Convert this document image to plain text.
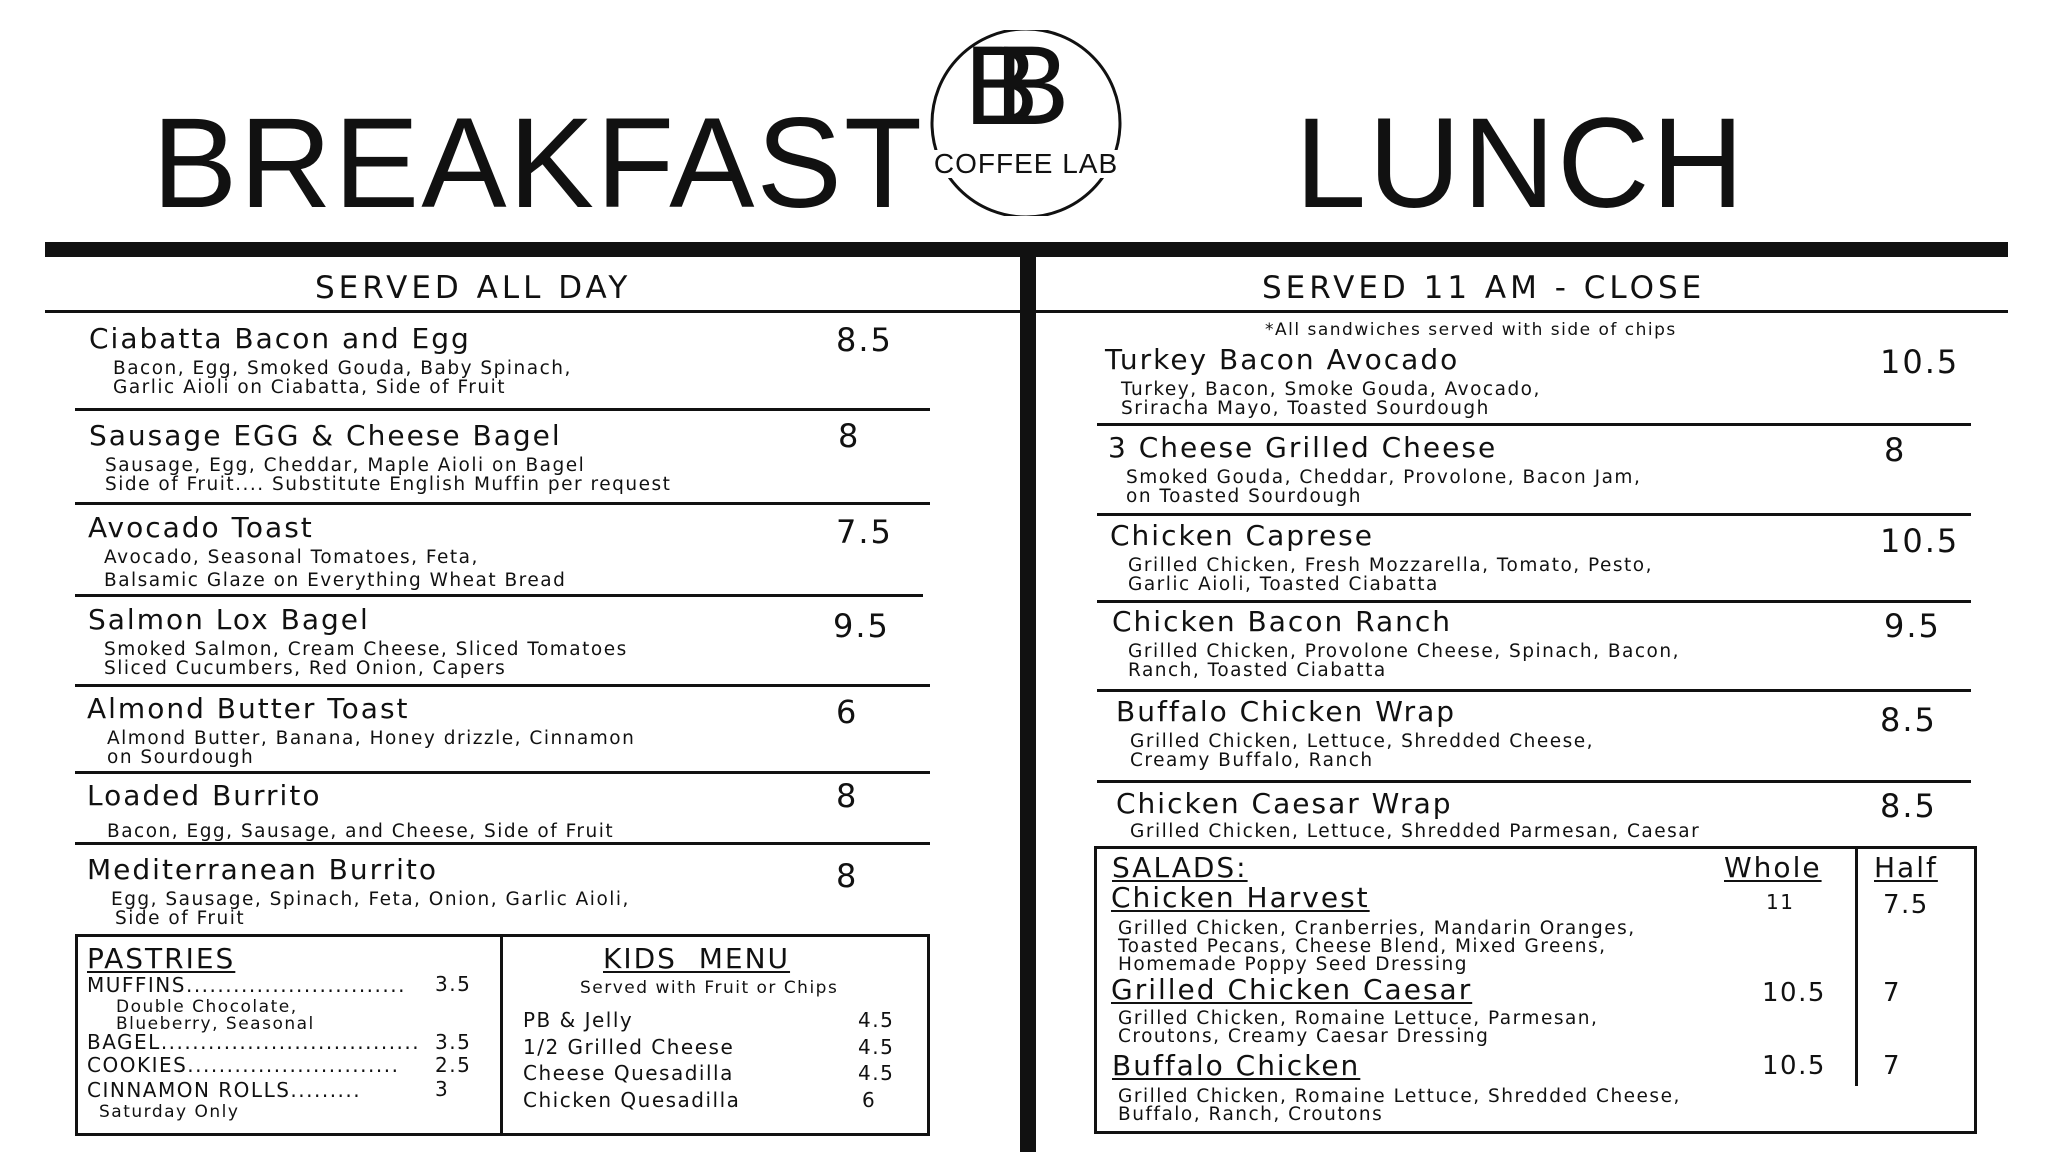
BREAKFAST	LUNCH
BB
COFFEE LAB
SERVED ALL DAY	SERVED 11 AM - CLOSE
Ciabatta Bacon and Egg
Bacon, Egg, Smoked Gouda, Baby Spinach,
Garlic Aioli on Ciabatta, Side of Fruit
8.5
Sausage EGG & Cheese Bagel
Sausage, Egg, Cheddar, Maple Aioli on Bagel
Side of Fruit.... Substitute English Muffin per request
8
Avocado Toast
Avocado, Seasonal Tomatoes, Feta,
Balsamic Glaze on Everything Wheat Bread
7.5
Salmon Lox Bagel
Smoked Salmon, Cream Cheese, Sliced Tomatoes
Sliced Cucumbers, Red Onion, Capers
9.5
Almond Butter Toast
Almond Butter, Banana, Honey drizzle, Cinnamon
on Sourdough
6
Loaded Burrito
Bacon, Egg, Sausage, and Cheese, Side of Fruit
8
Mediterranean Burrito
Egg, Sausage, Spinach, Feta, Onion, Garlic Aioli,
Side of Fruit
8
PASTRIES
MUFFINS............................ 3.5
Double Chocolate,
Blueberry, Seasonal
BAGEL................................. 3.5
COOKIES........................... 2.5
CINNAMON ROLLS.........	3
Saturday Only
KIDS  MENU
Served with Fruit or Chips
PB & Jelly	4.5
1/2 Grilled Cheese	4.5
Cheese Quesadilla	4.5
Chicken Quesadilla	6
*All sandwiches served with side of chips
Turkey Bacon Avocado
Turkey, Bacon, Smoke Gouda, Avocado,
Sriracha Mayo, Toasted Sourdough
10.5
3 Cheese Grilled Cheese
Smoked Gouda, Cheddar, Provolone, Bacon Jam,
on Toasted Sourdough
8
Chicken Caprese
Grilled Chicken, Fresh Mozzarella, Tomato, Pesto,
Garlic Aioli, Toasted Ciabatta
10.5
Chicken Bacon Ranch
Grilled Chicken, Provolone Cheese, Spinach, Bacon,
Ranch, Toasted Ciabatta
9.5
Buffalo Chicken Wrap
Grilled Chicken, Lettuce, Shredded Cheese,
Creamy Buffalo, Ranch
8.5
Chicken Caesar Wrap
Grilled Chicken, Lettuce, Shredded Parmesan, Caesar
8.5
SALADS:	Whole Half
Chicken Harvest	11	7.5
Grilled Chicken, Cranberries, Mandarin Oranges,
Toasted Pecans, Cheese Blend, Mixed Greens,
Homemade Poppy Seed Dressing
Grilled Chicken Caesar	10.5 7
Grilled Chicken, Romaine Lettuce, Parmesan,
Croutons, Creamy Caesar Dressing
Buffalo Chicken	10.5 7
Grilled Chicken, Romaine Lettuce, Shredded Cheese,
Buffalo, Ranch, Croutons
